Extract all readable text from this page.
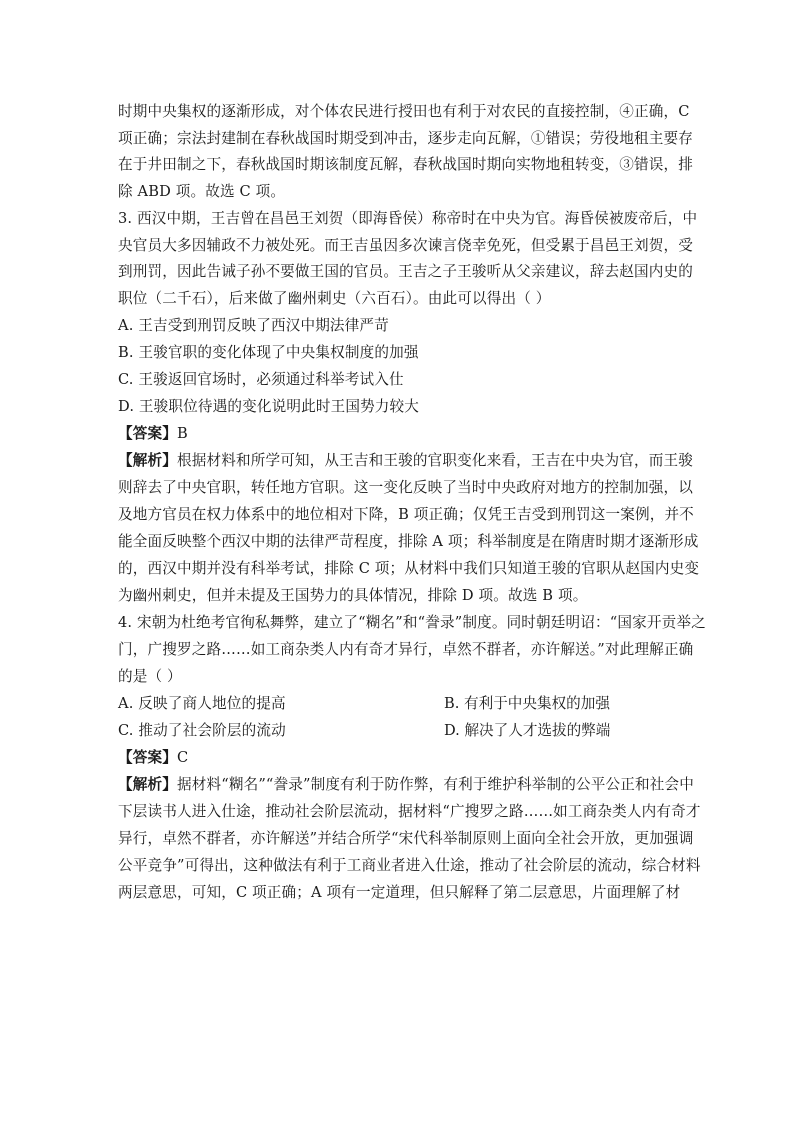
时期中央集权的逐渐形成，对个体农民进行授田也有利于对农民的直接控制，④正确，C
项正确；宗法封建制在春秋战国时期受到冲击，逐步走向瓦解，①错误；劳役地租主要存
在于井田制之下，春秋战国时期该制度瓦解，春秋战国时期向实物地租转变，③错误，排
除 ABD 项。故选 C 项。
3. 西汉中期，王吉曾在昌邑王刘贺（即海昏侯）称帝时在中央为官。海昏侯被废帝后，中
央官员大多因辅政不力被处死。而王吉虽因多次谏言侥幸免死，但受累于昌邑王刘贺，受
到刑罚，因此告诫子孙不要做王国的官员。王吉之子王骏听从父亲建议，辞去赵国内史的
职位（二千石），后来做了幽州刺史（六百石）。由此可以得出（ ）
A. 王吉受到刑罚反映了西汉中期法律严苛
B. 王骏官职的变化体现了中央集权制度的加强
C. 王骏返回官场时，必须通过科举考试入仕
D. 王骏职位待遇的变化说明此时王国势力较大
【答案】B
【解析】根据材料和所学可知，从王吉和王骏的官职变化来看，王吉在中央为官，而王骏
则辞去了中央官职，转任地方官职。这一变化反映了当时中央政府对地方的控制加强，以
及地方官员在权力体系中的地位相对下降，B 项正确；仅凭王吉受到刑罚这一案例，并不
能全面反映整个西汉中期的法律严苛程度，排除 A 项；科举制度是在隋唐时期才逐渐形成
的，西汉中期并没有科举考试，排除 C 项；从材料中我们只知道王骏的官职从赵国内史变
为幽州刺史，但并未提及王国势力的具体情况，排除 D 项。故选 B 项。
4. 宋朝为杜绝考官徇私舞弊，建立了“糊名”和“誊录”制度。同时朝廷明诏：“国家开贡举之
门，广搜罗之路……如工商杂类人内有奇才异行，卓然不群者，亦许解送。”对此理解正确
的是（ ）
A. 反映了商人地位的提高	B. 有利于中央集权的加强
C. 推动了社会阶层的流动	D. 解决了人才选拔的弊端
【答案】C
【解析】据材料“糊名”“誊录”制度有利于防作弊，有利于维护科举制的公平公正和社会中
下层读书人进入仕途，推动社会阶层流动，据材料“广搜罗之路……如工商杂类人内有奇才
异行，卓然不群者，亦许解送”并结合所学“宋代科举制原则上面向全社会开放，更加强调
公平竞争”可得出，这种做法有利于工商业者进入仕途，推动了社会阶层的流动，综合材料
两层意思，可知，C 项正确；A 项有一定道理，但只解释了第二层意思，片面理解了材
